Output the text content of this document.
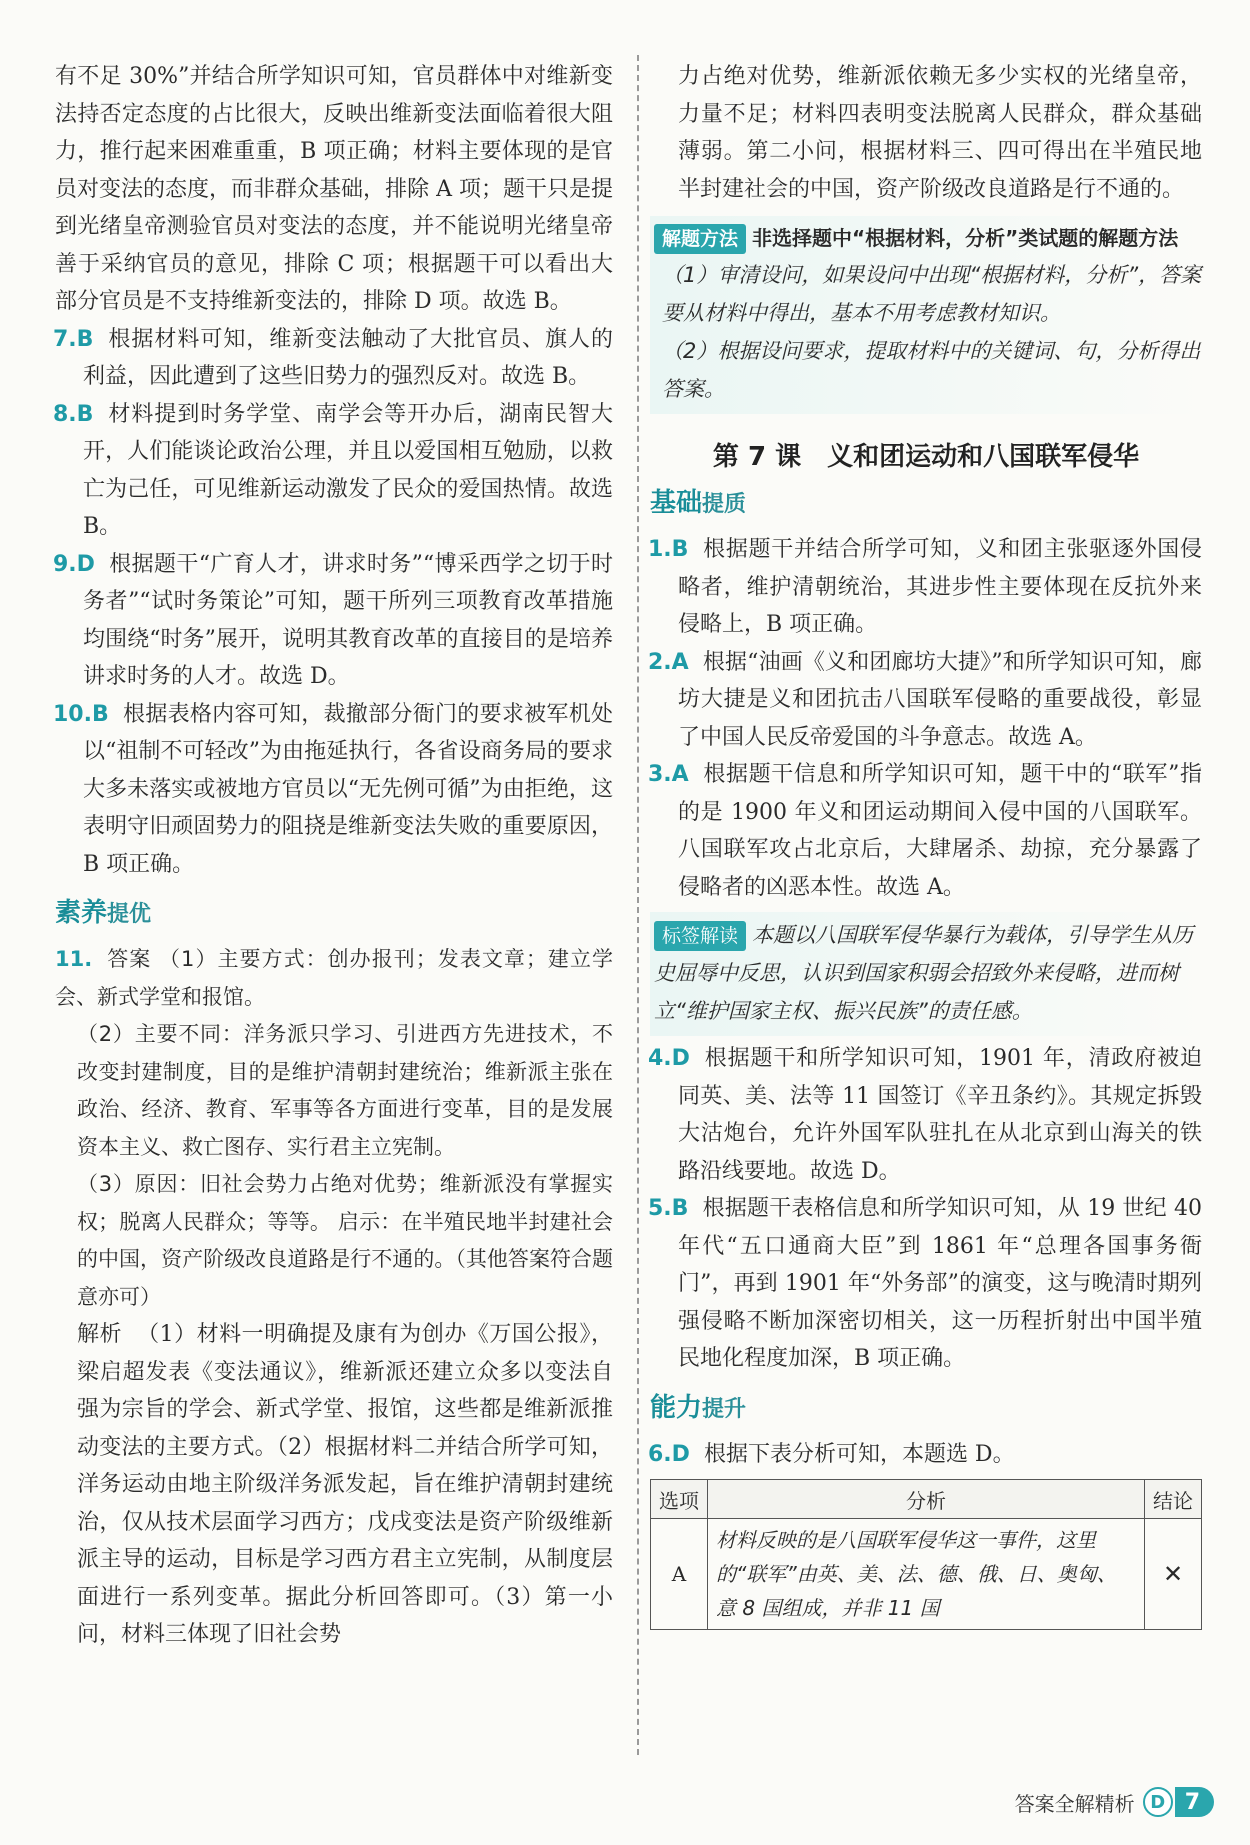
有不足 30%”并结合所学知识可知，官员群体中对维新变法持否定态度的占比很大，反映出维新变法面临着很大阻力，推行起来困难重重，B 项正确；材料主要体现的是官员对变法的态度，而非群众基础，排除 A 项；题干只是提到光绪皇帝测验官员对变法的态度，并不能说明光绪皇帝善于采纳官员的意见，排除 C 项；根据题干可以看出大部分官员是不支持维新变法的，排除 D 项。故选 B。

7.B 根据材料可知，维新变法触动了大批官员、旗人的利益，因此遭到了这些旧势力的强烈反对。故选 B。
8.B 材料提到时务学堂、南学会等开办后，湖南民智大开，人们能谈论政治公理，并且以爱国相互勉励，以救亡为己任，可见维新运动激发了民众的爱国热情。故选 B。
9.D 根据题干“广育人才，讲求时务”“博采西学之切于时务者”“试时务策论”可知，题干所列三项教育改革措施均围绕“时务”展开，说明其教育改革的直接目的是培养讲求时务的人才。故选 D。
10.B 根据表格内容可知，裁撤部分衙门的要求被军机处以“祖制不可轻改”为由拖延执行，各省设商务局的要求大多未落实或被地方官员以“无先例可循”为由拒绝，这表明守旧顽固势力的阻挠是维新变法失败的重要原因，B 项正确。
素养提优
11. 答案 （1）主要方式：创办报刊；发表文章；建立学会、新式学堂和报馆。
（2）主要不同：洋务派只学习、引进西方先进技术，不改变封建制度，目的是维护清朝封建统治；维新派主张在政治、经济、教育、军事等各方面进行变革，目的是发展资本主义、救亡图存、实行君主立宪制。
（3）原因：旧社会势力占绝对优势；维新派没有掌握实权；脱离人民群众；等等。 启示：在半殖民地半封建社会的中国，资产阶级改良道路是行不通的。（其他答案符合题意亦可）
解析 （1）材料一明确提及康有为创办《万国公报》，梁启超发表《变法通议》，维新派还建立众多以变法自强为宗旨的学会、新式学堂、报馆，这些都是维新派推动变法的主要方式。（2）根据材料二并结合所学可知，洋务运动由地主阶级洋务派发起，旨在维护清朝封建统治，仅从技术层面学习西方；戊戌变法是资产阶级维新派主导的运动，目标是学习西方君主立宪制，从制度层面进行一系列变革。据此分析回答即可。（3）第一小问，材料三体现了旧社会势

力占绝对优势，维新派依赖无多少实权的光绪皇帝，力量不足；材料四表明变法脱离人民群众，群众基础薄弱。第二小问，根据材料三、四可得出在半殖民地半封建社会的中国，资产阶级改良道路是行不通的。

解题方法 非选择题中“根据材料，分析”类试题的解题方法
（1）审清设问，如果设问中出现“根据材料，分析”，答案要从材料中得出，基本不用考虑教材知识。
（2）根据设问要求，提取材料中的关键词、句，分析得出答案。
第 7 课　义和团运动和八国联军侵华
基础提质
1.B 根据题干并结合所学可知，义和团主张驱逐外国侵略者，维护清朝统治，其进步性主要体现在反抗外来侵略上，B 项正确。
2.A 根据“油画《义和团廊坊大捷》”和所学知识可知，廊坊大捷是义和团抗击八国联军侵略的重要战役，彰显了中国人民反帝爱国的斗争意志。故选 A。
3.A 根据题干信息和所学知识可知，题干中的“联军”指的是 1900 年义和团运动期间入侵中国的八国联军。八国联军攻占北京后，大肆屠杀、劫掠，充分暴露了侵略者的凶恶本性。故选 A。
标签解读 本题以八国联军侵华暴行为载体，引导学生从历史屈辱中反思，认识到国家积弱会招致外来侵略，进而树立“维护国家主权、振兴民族”的责任感。
4.D 根据题干和所学知识可知，1901 年，清政府被迫同英、美、法等 11 国签订《辛丑条约》。其规定拆毁大沽炮台，允许外国军队驻扎在从北京到山海关的铁路沿线要地。故选 D。
5.B 根据题干表格信息和所学知识可知，从 19 世纪 40 年代“五口通商大臣”到 1861 年“总理各国事务衙门”，再到 1901 年“外务部”的演变，这与晚清时期列强侵略不断加深密切相关，这一历程折射出中国半殖民地化程度加深，B 项正确。
能力提升
6.D 根据下表分析可知，本题选 D。
选项	分析	结论
A	材料反映的是八国联军侵华这一事件，这里的“联军”由英、美、法、德、俄、日、奥匈、意 8 国组成，并非 11 国	✕
答案全解精析 D 7
